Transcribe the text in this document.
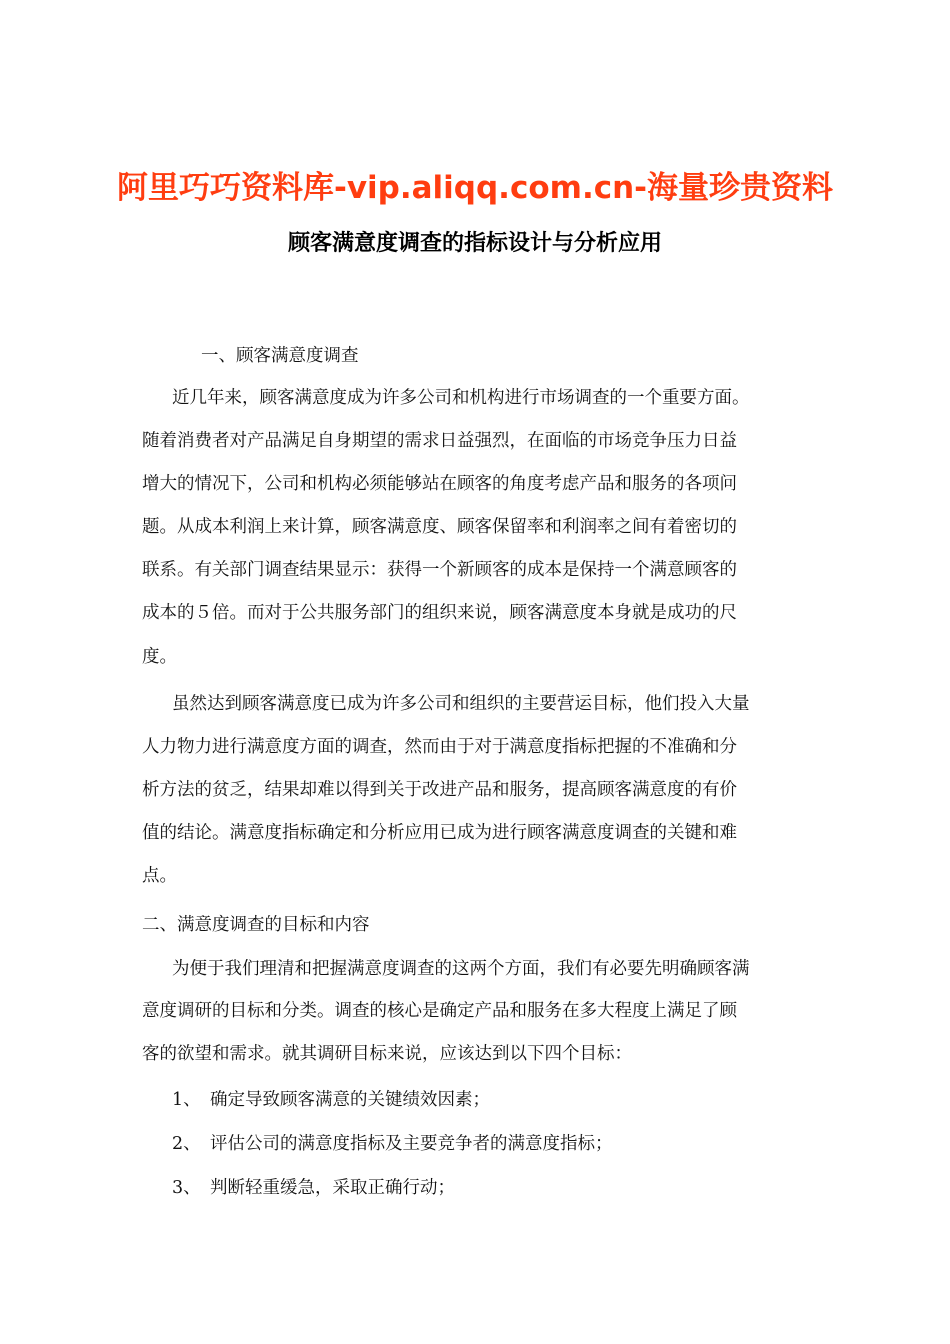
阿里巧巧资料库-vip.aliqq.com.cn-海量珍贵资料
顾客满意度调查的指标设计与分析应用
一、顾客满意度调查
近几年来，顾客满意度成为许多公司和机构进行市场调查的一个重要方面。
随着消费者对产品满足自身期望的需求日益强烈，在面临的市场竞争压力日益
增大的情况下，公司和机构必须能够站在顾客的角度考虑产品和服务的各项问
题。从成本利润上来计算，顾客满意度、顾客保留率和利润率之间有着密切的
联系。有关部门调查结果显示：获得一个新顾客的成本是保持一个满意顾客的
成本的５倍。而对于公共服务部门的组织来说，顾客满意度本身就是成功的尺
度。
虽然达到顾客满意度已成为许多公司和组织的主要营运目标，他们投入大量
人力物力进行满意度方面的调查，然而由于对于满意度指标把握的不准确和分
析方法的贫乏，结果却难以得到关于改进产品和服务，提高顾客满意度的有价
值的结论。满意度指标确定和分析应用已成为进行顾客满意度调查的关键和难
点。
二、满意度调查的目标和内容
为便于我们理清和把握满意度调查的这两个方面，我们有必要先明确顾客满
意度调研的目标和分类。调查的核心是确定产品和服务在多大程度上满足了顾
客的欲望和需求。就其调研目标来说，应该达到以下四个目标：
1、 确定导致顾客满意的关键绩效因素；
2、 评估公司的满意度指标及主要竞争者的满意度指标；
3、 判断轻重缓急，采取正确行动；
